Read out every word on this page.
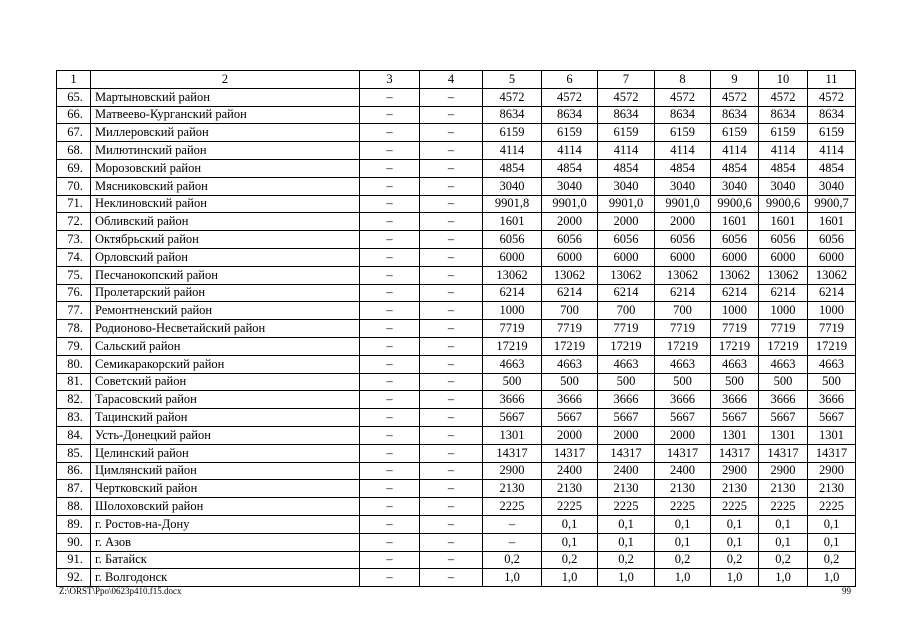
1	2	3	4	5	6	7	8	9	10	11
65.	Мартыновский район	–	–	4572	4572	4572	4572	4572	4572	4572
66.	Матвеево-Курганский район	–	–	8634	8634	8634	8634	8634	8634	8634
67.	Миллеровский район	–	–	6159	6159	6159	6159	6159	6159	6159
68.	Милютинский район	–	–	4114	4114	4114	4114	4114	4114	4114
69.	Морозовский район	–	–	4854	4854	4854	4854	4854	4854	4854
70.	Мясниковский район	–	–	3040	3040	3040	3040	3040	3040	3040
71.	Неклиновский район	–	–	9901,8	9901,0	9901,0	9901,0	9900,6	9900,6	9900,7
72.	Обливский район	–	–	1601	2000	2000	2000	1601	1601	1601
73.	Октябрьский район	–	–	6056	6056	6056	6056	6056	6056	6056
74.	Орловский район	–	–	6000	6000	6000	6000	6000	6000	6000
75.	Песчанокопский район	–	–	13062	13062	13062	13062	13062	13062	13062
76.	Пролетарский район	–	–	6214	6214	6214	6214	6214	6214	6214
77.	Ремонтненский район	–	–	1000	700	700	700	1000	1000	1000
78.	Родионово-Несветайский район	–	–	7719	7719	7719	7719	7719	7719	7719
79.	Сальский район	–	–	17219	17219	17219	17219	17219	17219	17219
80.	Семикаракорский район	–	–	4663	4663	4663	4663	4663	4663	4663
81.	Советский район	–	–	500	500	500	500	500	500	500
82.	Тарасовский район	–	–	3666	3666	3666	3666	3666	3666	3666
83.	Тацинский район	–	–	5667	5667	5667	5667	5667	5667	5667
84.	Усть-Донецкий район	–	–	1301	2000	2000	2000	1301	1301	1301
85.	Целинский район	–	–	14317	14317	14317	14317	14317	14317	14317
86.	Цимлянский район	–	–	2900	2400	2400	2400	2900	2900	2900
87.	Чертковский район	–	–	2130	2130	2130	2130	2130	2130	2130
88.	Шолоховский район	–	–	2225	2225	2225	2225	2225	2225	2225
89.	г. Ростов-на-Дону	–	–	–	0,1	0,1	0,1	0,1	0,1	0,1
90.	г. Азов	–	–	–	0,1	0,1	0,1	0,1	0,1	0,1
91.	г. Батайск	–	–	0,2	0,2	0,2	0,2	0,2	0,2	0,2
92.	г. Волгодонск	–	–	1,0	1,0	1,0	1,0	1,0	1,0	1,0
Z:\ORST\Ppo\0623p410.f15.docx	99
